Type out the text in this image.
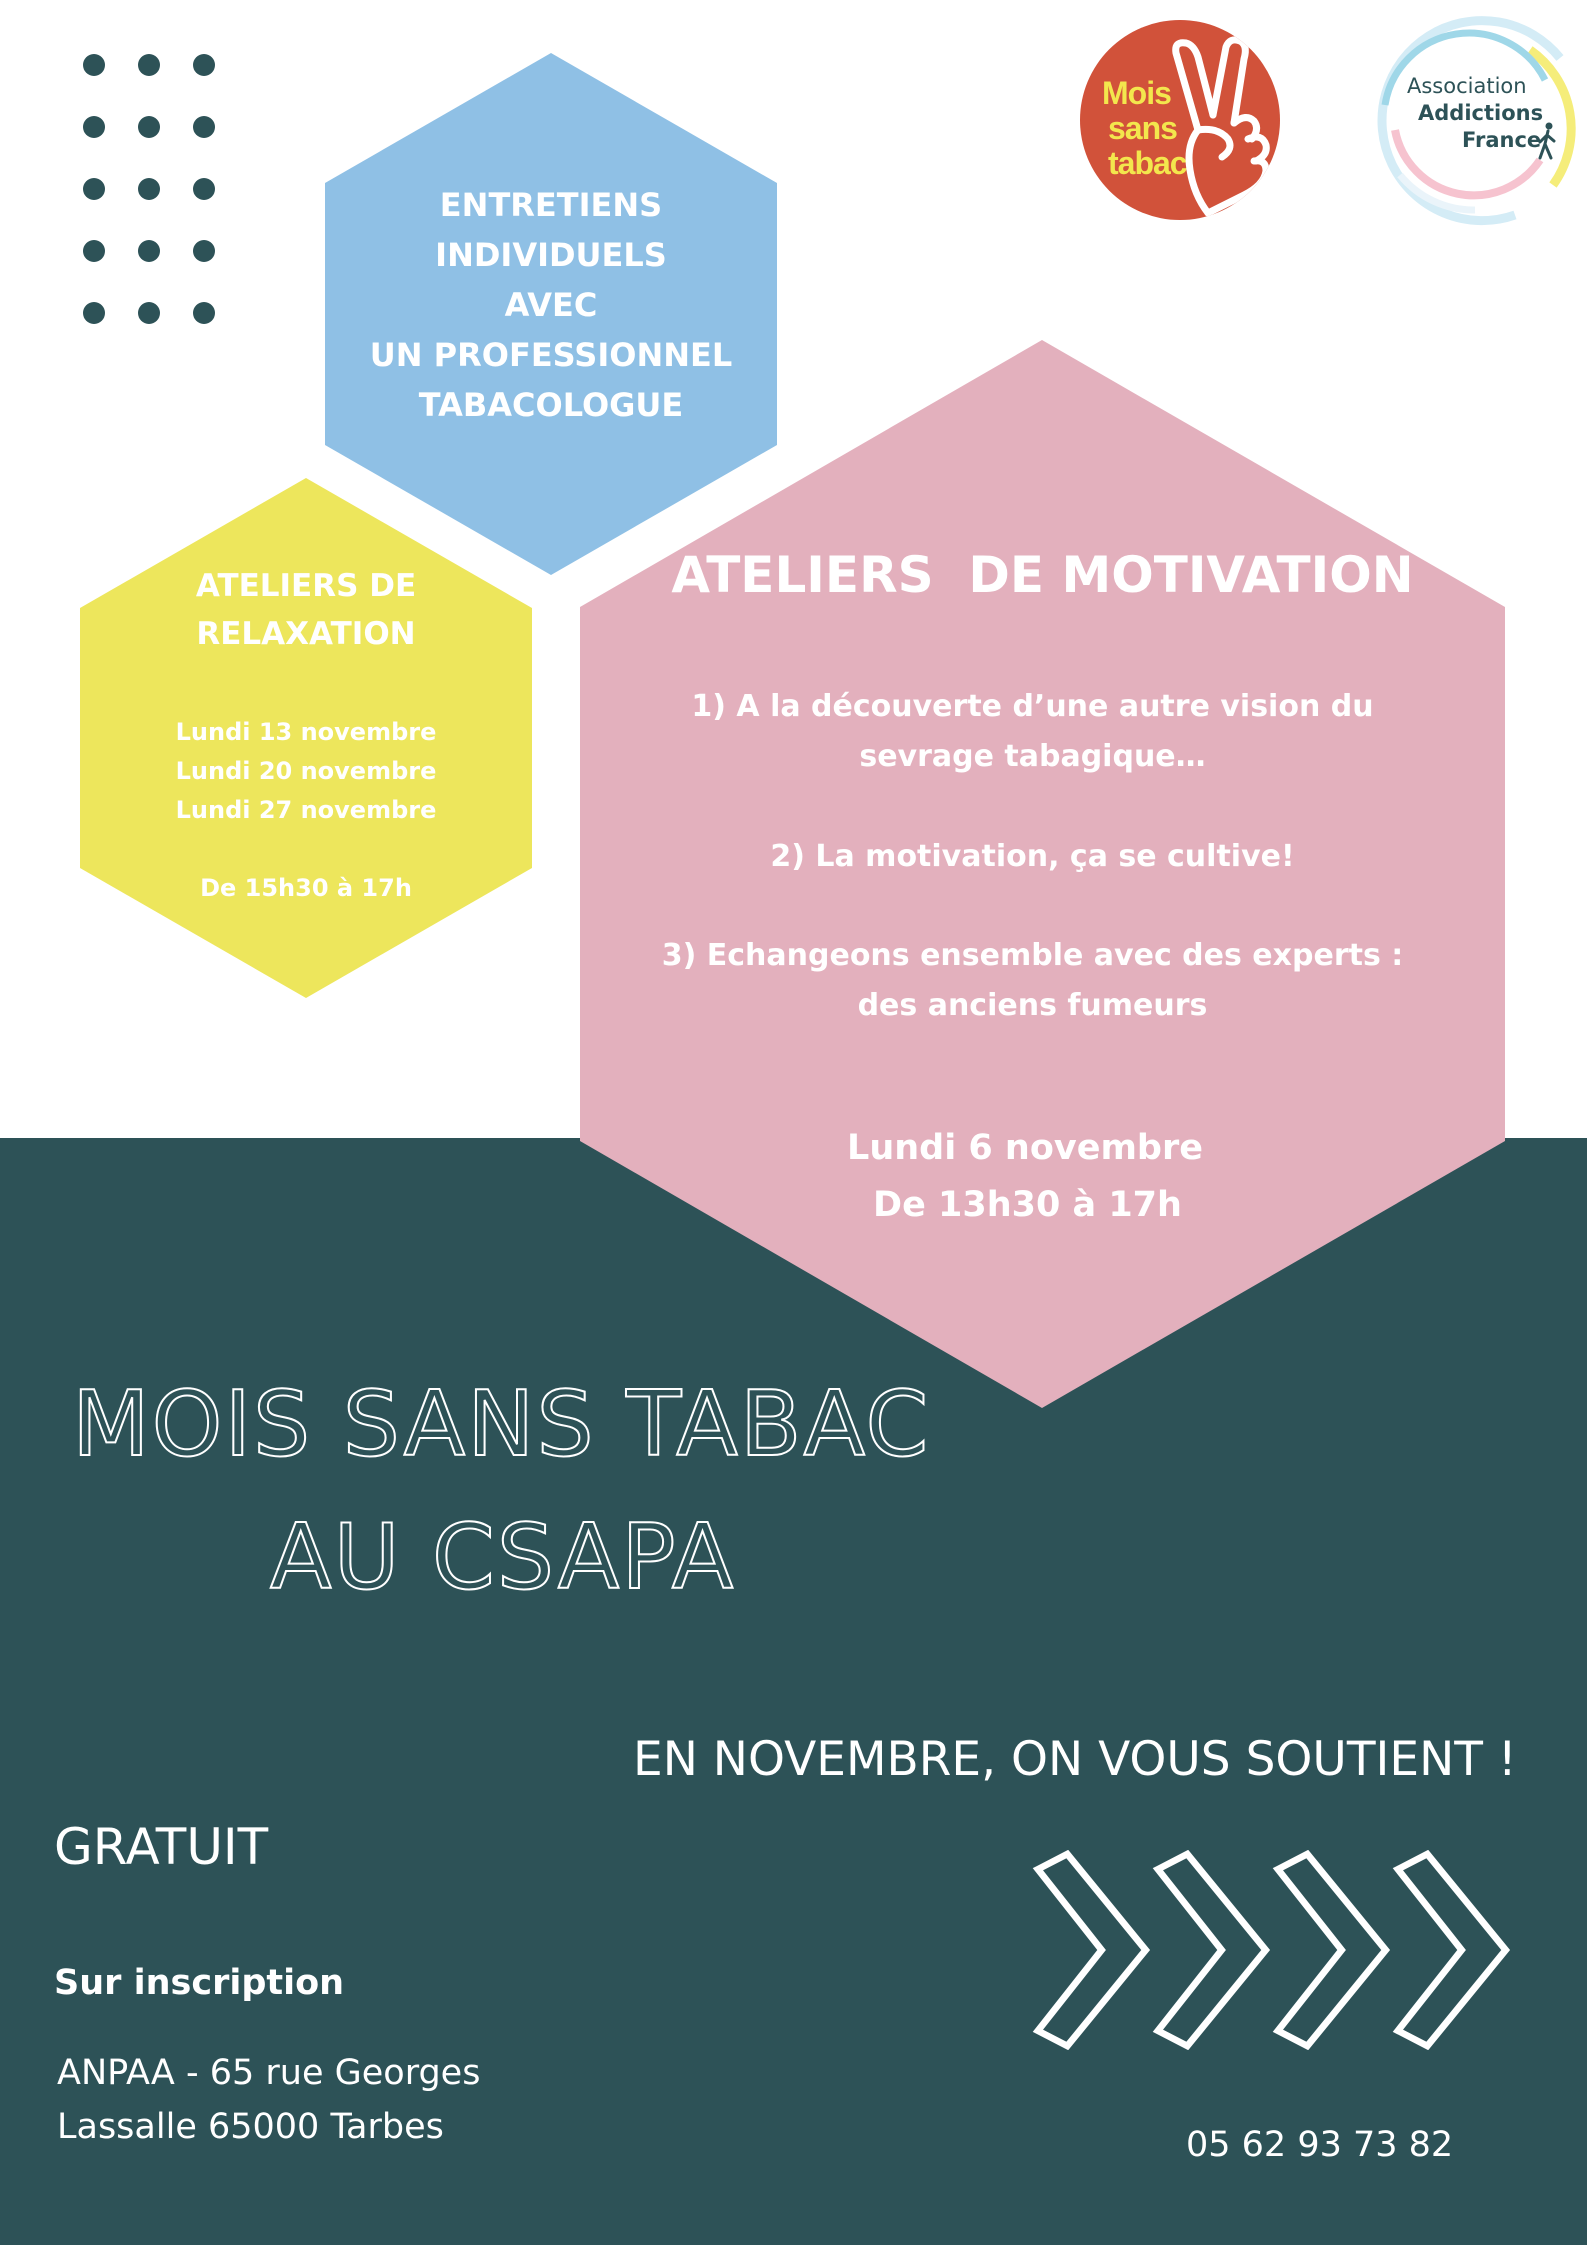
ENTRETIENS
INDIVIDUELS
AVEC
UN PROFESSIONNEL
TABACOLOGUE
ATELIERS DE
RELAXATION
Lundi 13 novembre
Lundi 20 novembre
Lundi 27 novembre
De 15h30 à 17h
ATELIERS  DE MOTIVATION
1) A la découverte d’une autre vision du
sevrage tabagique…
2) La motivation, ça se cultive!
3) Echangeons ensemble avec des experts :
des anciens fumeurs
Lundi 6 novembre
De 13h30 à 17h
Mois
sans
tabac
Association
Addictions
France
MOIS SANS TABAC
AU CSAPA
EN NOVEMBRE, ON VOUS SOUTIENT !
GRATUIT
Sur inscription
ANPAA - 65 rue Georges
Lassalle 65000 Tarbes	05 62 93 73 82
